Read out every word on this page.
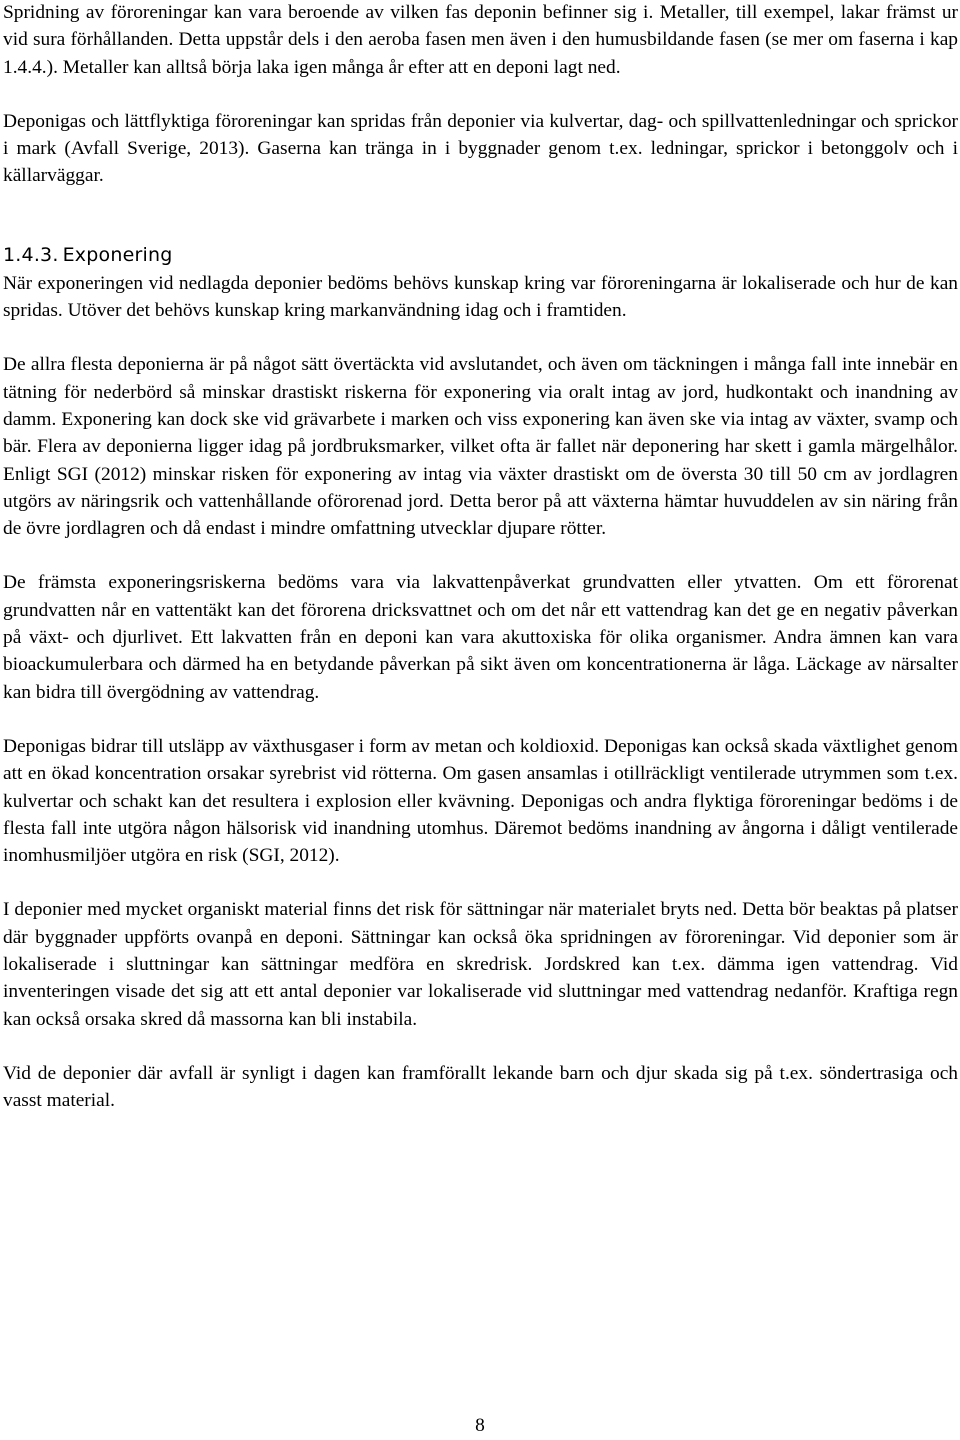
Spridning av föroreningar kan vara beroende av vilken fas deponin befinner sig i. Metaller, till exempel, lakar främst ur vid sura förhållanden. Detta uppstår dels i den aeroba fasen men även i den humusbildande fasen (se mer om faserna i kap 1.4.4.). Metaller kan alltså börja laka igen många år efter att en deponi lagt ned.

Deponigas och lättflyktiga föroreningar kan spridas från deponier via kulvertar, dag- och spillvattenledningar och sprickor i mark (Avfall Sverige, 2013). Gaserna kan tränga in i byggnader genom t.ex. ledningar, sprickor i betonggolv och i källarväggar.

1.4.3. Exponering

När exponeringen vid nedlagda deponier bedöms behövs kunskap kring var föroreningarna är lokaliserade och hur de kan spridas. Utöver det behövs kunskap kring markanvändning idag och i framtiden.

De allra flesta deponierna är på något sätt övertäckta vid avslutandet, och även om täckningen i många fall inte innebär en tätning för nederbörd så minskar drastiskt riskerna för exponering via oralt intag av jord, hudkontakt och inandning av damm. Exponering kan dock ske vid grävarbete i marken och viss exponering kan även ske via intag av växter, svamp och bär. Flera av deponierna ligger idag på jordbruksmarker, vilket ofta är fallet när deponering har skett i gamla märgelhålor. Enligt SGI (2012) minskar risken för exponering av intag via växter drastiskt om de översta 30 till 50 cm av jordlagren utgörs av näringsrik och vattenhållande oförorenad jord. Detta beror på att växterna hämtar huvuddelen av sin näring från de övre jordlagren och då endast i mindre omfattning utvecklar djupare rötter.

De främsta exponeringsriskerna bedöms vara via lakvattenpåverkat grundvatten eller ytvatten. Om ett förorenat grundvatten når en vattentäkt kan det förorena dricksvattnet och om det når ett vattendrag kan det ge en negativ påverkan på växt- och djurlivet. Ett lakvatten från en deponi kan vara akuttoxiska för olika organismer. Andra ämnen kan vara bioackumulerbara och därmed ha en betydande påverkan på sikt även om koncentrationerna är låga. Läckage av närsalter kan bidra till övergödning av vattendrag.

Deponigas bidrar till utsläpp av växthusgaser i form av metan och koldioxid. Deponigas kan också skada växtlighet genom att en ökad koncentration orsakar syrebrist vid rötterna. Om gasen ansamlas i otillräckligt ventilerade utrymmen som t.ex. kulvertar och schakt kan det resultera i explosion eller kvävning. Deponigas och andra flyktiga föroreningar bedöms i de flesta fall inte utgöra någon hälsorisk vid inandning utomhus. Däremot bedöms inandning av ångorna i dåligt ventilerade inomhusmiljöer utgöra en risk (SGI, 2012).

I deponier med mycket organiskt material finns det risk för sättningar när materialet bryts ned. Detta bör beaktas på platser där byggnader uppförts ovanpå en deponi. Sättningar kan också öka spridningen av föroreningar. Vid deponier som är lokaliserade i sluttningar kan sättningar medföra en skredrisk. Jordskred kan t.ex. dämma igen vattendrag. Vid inventeringen visade det sig att ett antal deponier var lokaliserade vid sluttningar med vattendrag nedanför. Kraftiga regn kan också orsaka skred då massorna kan bli instabila.

Vid de deponier där avfall är synligt i dagen kan framförallt lekande barn och djur skada sig på t.ex. söndertrasiga och vasst material.

8
